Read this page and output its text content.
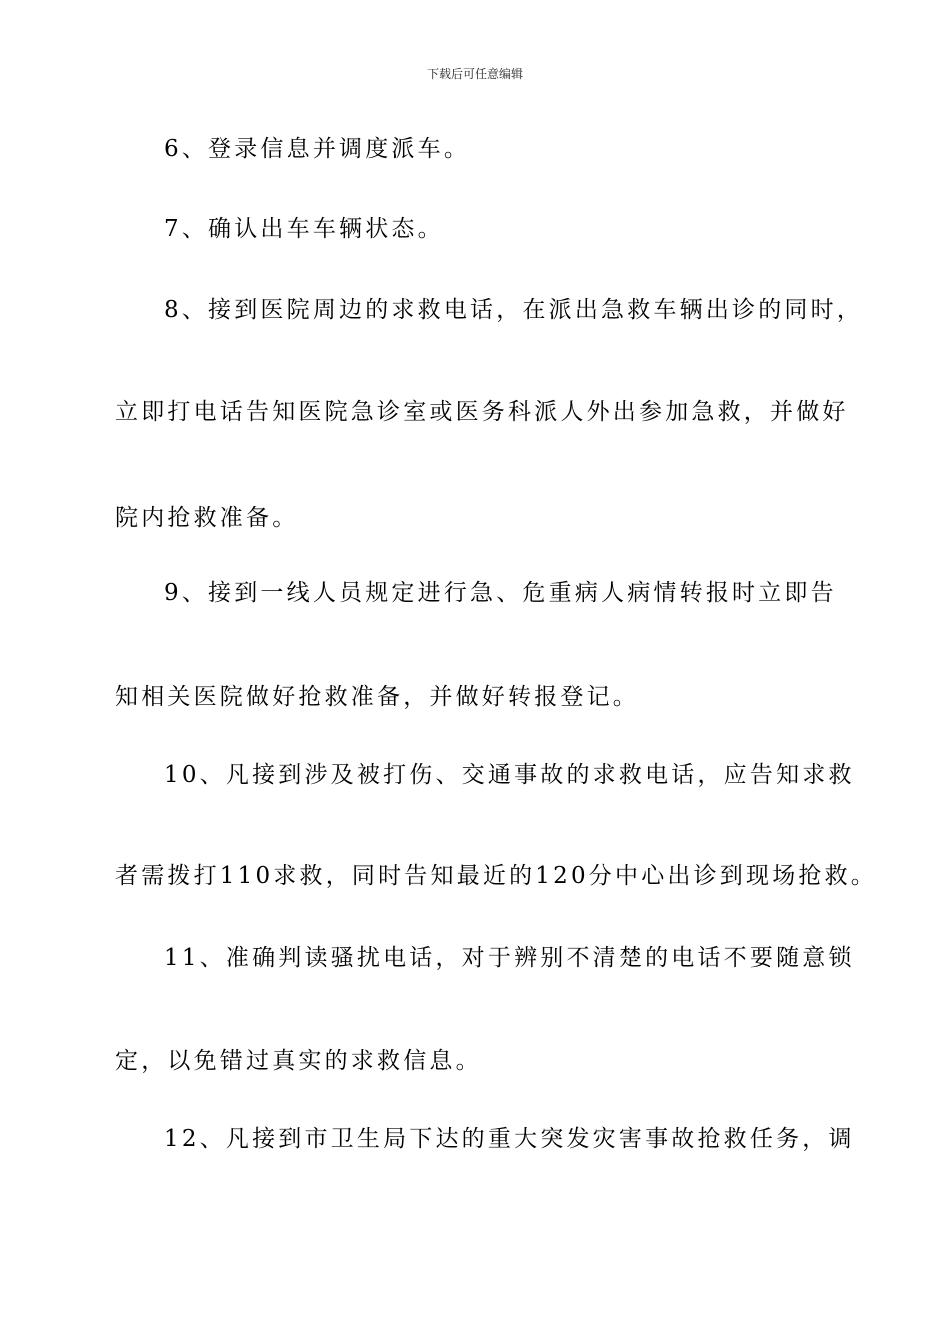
下载后可任意编辑
6、登录信息并调度派车。
7、确认出车车辆状态。
8、接到医院周边的求救电话，在派出急救车辆出诊的同时，
立即打电话告知医院急诊室或医务科派人外出参加急救，并做好
院内抢救准备。
9、接到一线人员规定进行急、危重病人病情转报时立即告
知相关医院做好抢救准备，并做好转报登记。
10、凡接到涉及被打伤、交通事故的求救电话，应告知求救
者需拨打110求救，同时告知最近的120分中心出诊到现场抢救。
11、准确判读骚扰电话，对于辨别不清楚的电话不要随意锁
定，以免错过真实的求救信息。
12、凡接到市卫生局下达的重大突发灾害事故抢救任务，调
